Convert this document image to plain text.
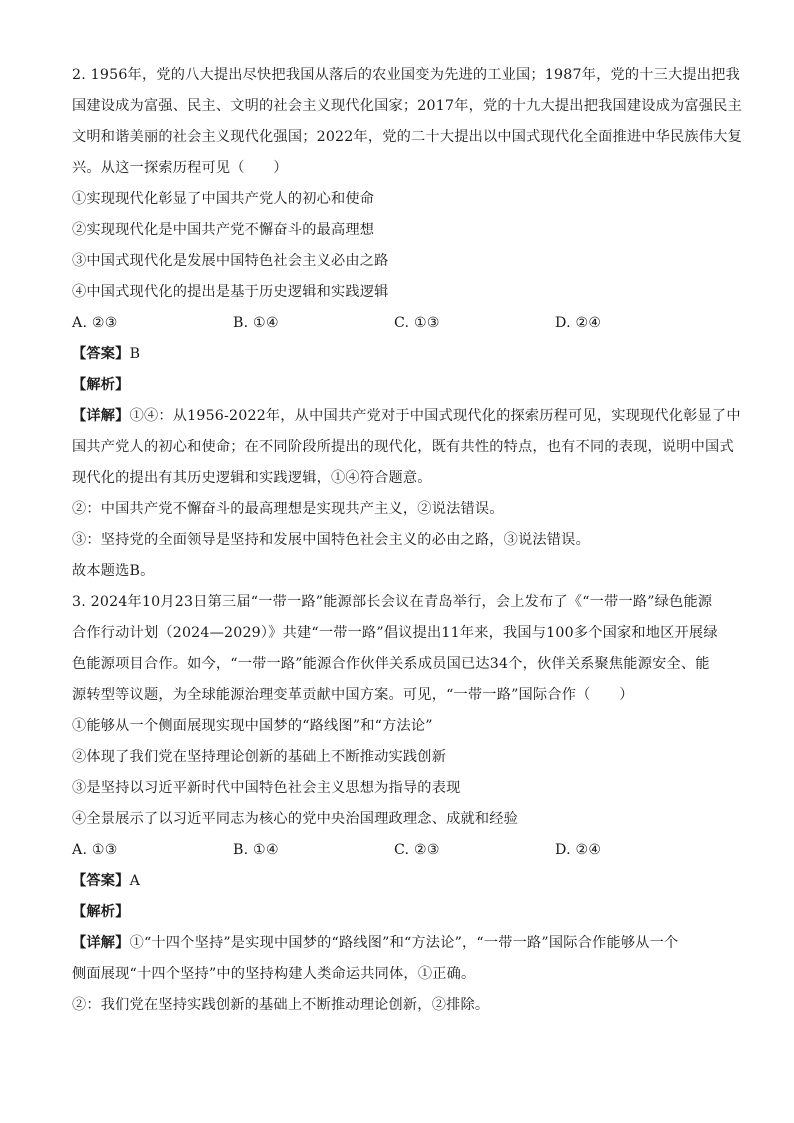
2. 1956年，党的八大提出尽快把我国从落后的农业国变为先进的工业国；1987年，党的十三大提出把我
国建设成为富强、民主、文明的社会主义现代化国家；2017年，党的十九大提出把我国建设成为富强民主
文明和谐美丽的社会主义现代化强国；2022年，党的二十大提出以中国式现代化全面推进中华民族伟大复
兴。从这一探索历程可见（　　）
①实现现代化彰显了中国共产党人的初心和使命
②实现现代化是中国共产党不懈奋斗的最高理想
③中国式现代化是发展中国特色社会主义必由之路
④中国式现代化的提出是基于历史逻辑和实践逻辑
A. ②③	B. ①④	C. ①③	D. ②④
【答案】B
【解析】
【详解】①④：从1956-2022年，从中国共产党对于中国式现代化的探索历程可见，实现现代化彰显了中
国共产党人的初心和使命；在不同阶段所提出的现代化，既有共性的特点，也有不同的表现，说明中国式
现代化的提出有其历史逻辑和实践逻辑，①④符合题意。
②：中国共产党不懈奋斗的最高理想是实现共产主义，②说法错误。
③：坚持党的全面领导是坚持和发展中国特色社会主义的必由之路，③说法错误。
故本题选B。
3. 2024年10月23日第三届“一带一路”能源部长会议在青岛举行，会上发布了《“一带一路”绿色能源
合作行动计划（2024—2029）》共建“一带一路”倡议提出11年来，我国与100多个国家和地区开展绿
色能源项目合作。如今，“一带一路”能源合作伙伴关系成员国已达34个，伙伴关系聚焦能源安全、能
源转型等议题，为全球能源治理变革贡献中国方案。可见，“一带一路”国际合作（　　）
①能够从一个侧面展现实现中国梦的“路线图”和“方法论”
②体现了我们党在坚持理论创新的基础上不断推动实践创新
③是坚持以习近平新时代中国特色社会主义思想为指导的表现
④全景展示了以习近平同志为核心的党中央治国理政理念、成就和经验
A. ①③	B. ①④	C. ②③	D. ②④
【答案】A
【解析】
【详解】①“十四个坚持”是实现中国梦的“路线图”和“方法论”，“一带一路”国际合作能够从一个
侧面展现“十四个坚持”中的坚持构建人类命运共同体，①正确。
②：我们党在坚持实践创新的基础上不断推动理论创新，②排除。
